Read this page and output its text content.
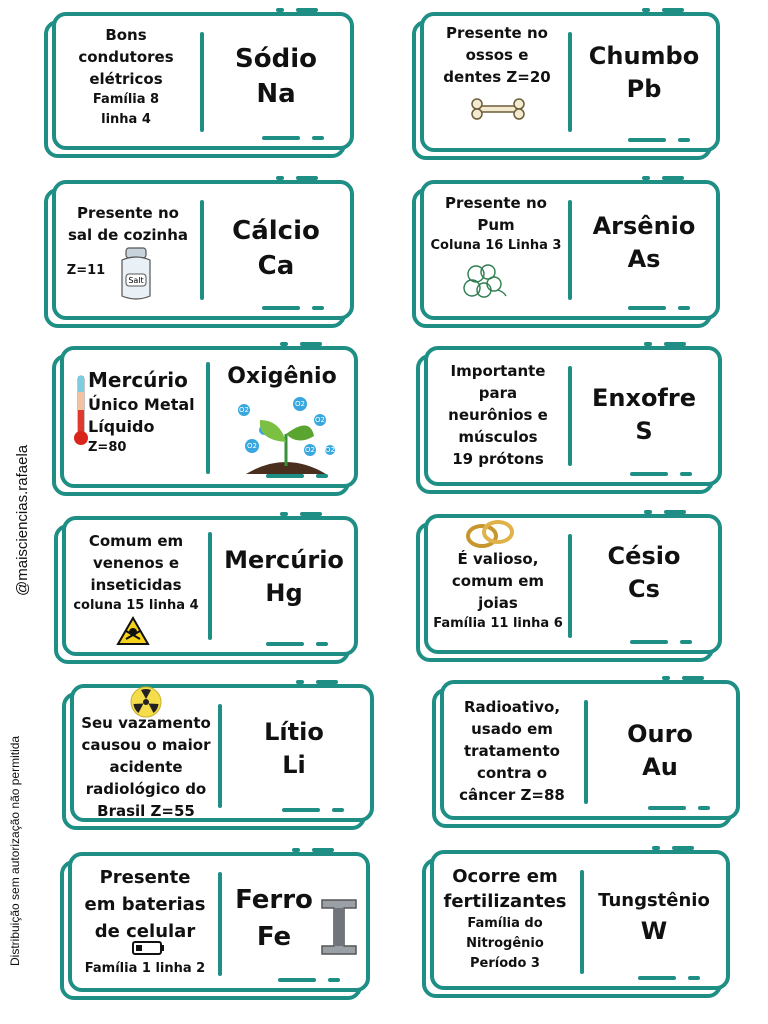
@maisciencias.rafaela
Distribuição sem autorização não permitida
Bons
condutores
elétricos
Família 8
linha 4
Sódio
Na
Presente no
ossos e
dentes Z=20
Chumbo
Pb
Presente no
sal de cozinha
Z=11
Salt
Cálcio
Ca
Presente no
Pum
Coluna 16 Linha 3
Arsênio
As
Mercúrio
Único Metal
Líquido
Z=80
Oxigênio
O2
O2
O2
O2	O2
O2
Importante
para
neurônios e
músculos
19 prótons
Enxofre
S
Comum em
venenos e
inseticidas
coluna 15 linha 4
Mercúrio
Hg
É valioso,
comum em
joias
Família 11 linha 6
Césio
Cs
Seu vazamento
causou o maior
acidente
radiológico do
Brasil Z=55
Lítio
Li
Radioativo,
usado em
tratamento
contra o
câncer Z=88
Ouro
Au
Presente
em baterias
de celular
Família 1 linha 2
Ferro
Fe
Ocorre em
fertilizantes
Família do
Nitrogênio
Período 3
Tungstênio
W
